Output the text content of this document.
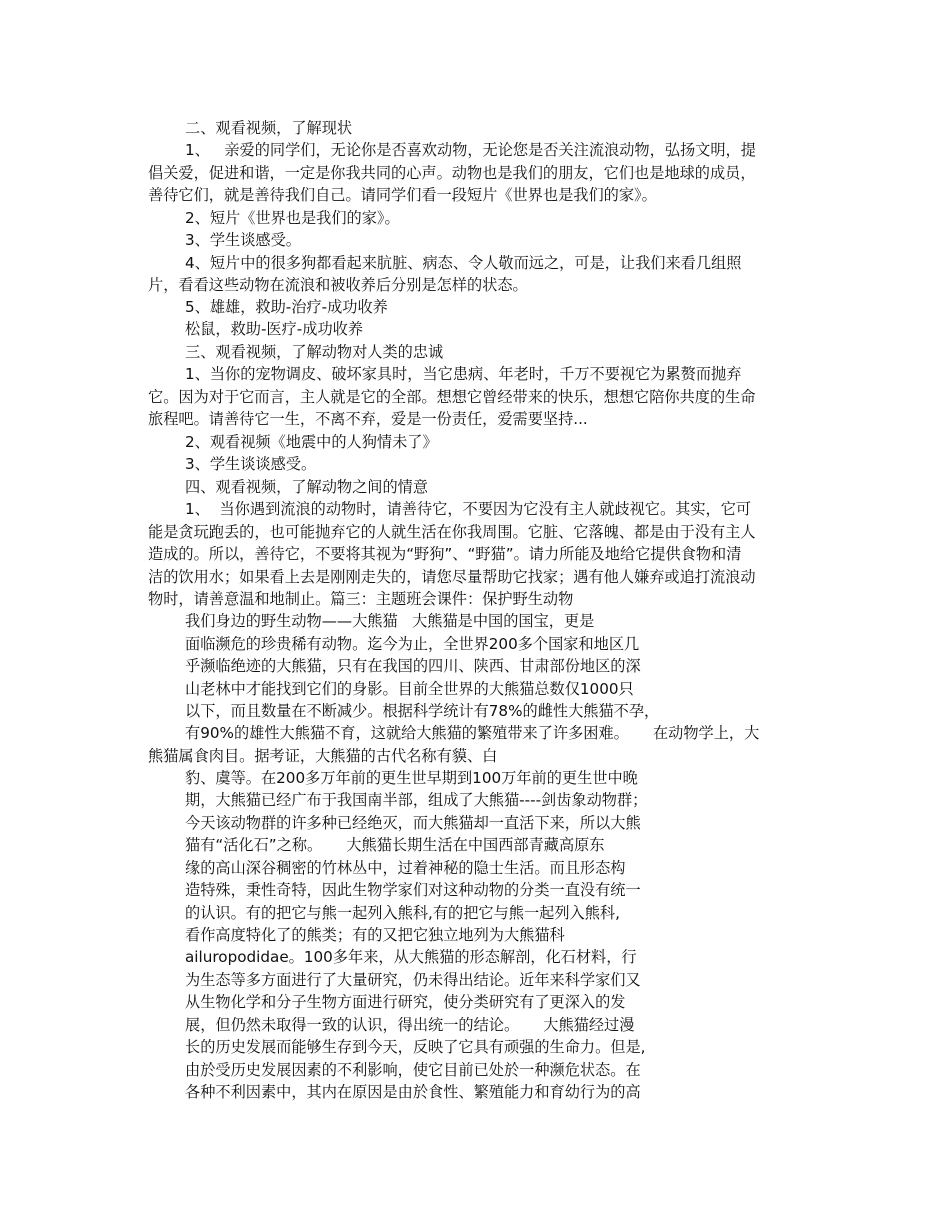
二、观看视频，了解现状
1、   亲爱的同学们，无论你是否喜欢动物，无论您是否关注流浪动物，弘扬文明，提
倡关爱，促进和谐，一定是你我共同的心声。动物也是我们的朋友，它们也是地球的成员，
善待它们，就是善待我们自己。请同学们看一段短片《世界也是我们的家》。
2、短片《世界也是我们的家》。
3、学生谈感受。
4、短片中的很多狗都看起来肮脏、病态、令人敬而远之，可是，让我们来看几组照
片，看看这些动物在流浪和被收养后分别是怎样的状态。
5、雄雄，救助-治疗-成功收养
松鼠，救助-医疗-成功收养
三、观看视频，了解动物对人类的忠诚
1、当你的宠物调皮、破坏家具时，当它患病、年老时，千万不要视它为累赘而抛弃
它。因为对于它而言，主人就是它的全部。想想它曾经带来的快乐，想想它陪你共度的生命
旅程吧。请善待它一生，不离不弃，爱是一份责任，爱需要坚持...
2、观看视频《地震中的人狗情未了》
3、学生谈谈感受。
四、观看视频，了解动物之间的情意
1、  当你遇到流浪的动物时，请善待它，不要因为它没有主人就歧视它。其实，它可
能是贪玩跑丢的，也可能抛弃它的人就生活在你我周围。它脏、它落魄、都是由于没有主人
造成的。所以，善待它，不要将其视为“野狗”、“野猫”。请力所能及地给它提供食物和清
洁的饮用水；如果看上去是刚刚走失的，请您尽量帮助它找家；遇有他人嫌弃或追打流浪动
物时，请善意温和地制止。篇三：主题班会课件：保护野生动物
我们身边的野生动物——大熊猫   大熊猫是中国的国宝，更是
面临濒危的珍贵稀有动物。迄今为止，全世界200多个国家和地区几
乎濒临绝迹的大熊猫，只有在我国的四川、陕西、甘肃部份地区的深
山老林中才能找到它们的身影。目前全世界的大熊猫总数仅1000只
以下，而且数量在不断减少。根据科学统计有78%的雌性大熊猫不孕，
有90%的雄性大熊猫不育，这就给大熊猫的繁殖带来了许多困难。     在动物学上，大
熊猫属食肉目。据考证，大熊猫的古代名称有貘、白
豹、虞等。在200多万年前的更生世早期到100万年前的更生世中晚
期，大熊猫已经广布于我国南半部，组成了大熊猫----剑齿象动物群；
今天该动物群的许多种已经绝灭，而大熊猫却一直活下来，所以大熊
猫有“活化石”之称。     大熊猫长期生活在中国西部青藏高原东
缘的高山深谷稠密的竹林丛中，过着神秘的隐士生活。而且形态构
造特殊，秉性奇特，因此生物学家们对这种动物的分类一直没有统一
的认识。有的把它与熊一起列入熊科,有的把它与熊一起列入熊科,
看作高度特化了的熊类；有的又把它独立地列为大熊猫科
ailuropodidae。100多年来，从大熊猫的形态解剖，化石材料，行
为生态等多方面进行了大量研究，仍未得出结论。近年来科学家们又
从生物化学和分子生物方面进行研究，使分类研究有了更深入的发
展，但仍然未取得一致的认识，得出统一的结论。     大熊猫经过漫
长的历史发展而能够生存到今天，反映了它具有顽强的生命力。但是,
由於受历史发展因素的不利影响，使它目前已处於一种濒危状态。在
各种不利因素中，其内在原因是由於食性、繁殖能力和育幼行为的高
